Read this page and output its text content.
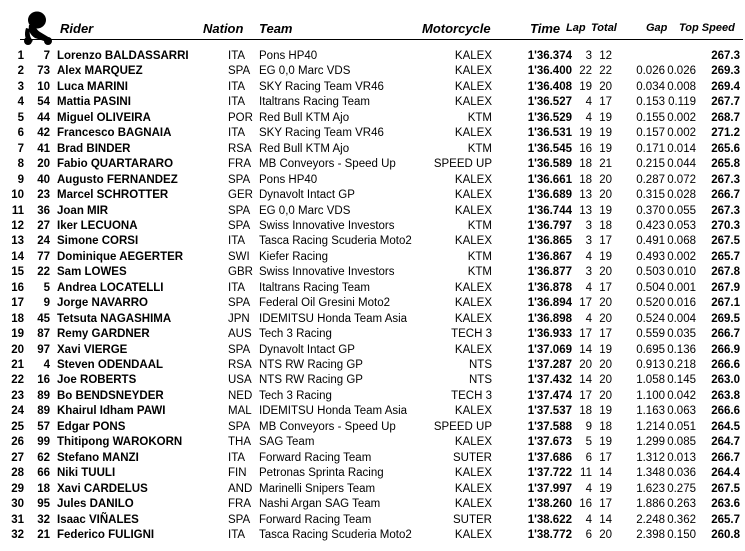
Rider	Nation Team	Motorcycle	Time Lap Total	Gap Top Speed
1	7 Lorenzo BALDASSARRI	ITA Pons HP40	KALEX	1'36.374	3 12	267.3
2	73 Alex MARQUEZ	SPA EG 0,0 Marc VDS	KALEX	1'36.400 22 22	0.026 0.026	269.3
3	10 Luca MARINI	ITA SKY Racing Team VR46	KALEX	1'36.408 19 20	0.034 0.008	269.4
4	54 Mattia PASINI	ITA Italtrans Racing Team	KALEX	1'36.527	4 17	0.153 0.119	267.7
5	44 Miguel OLIVEIRA	POR Red Bull KTM Ajo	KTM	1'36.529	4 19	0.155 0.002	268.7
6	42 Francesco BAGNAIA	ITA SKY Racing Team VR46	KALEX	1'36.531 19 19	0.157 0.002	271.2
7	41 Brad BINDER	RSA Red Bull KTM Ajo	KTM	1'36.545 16 19	0.171 0.014	265.6
8	20 Fabio QUARTARARO	FRA MB Conveyors - Speed Up	SPEED UP	1'36.589 18 21	0.215 0.044	265.8
9	40 Augusto FERNANDEZ	SPA Pons HP40	KALEX	1'36.661 18 20	0.287 0.072	267.3
10	23 Marcel SCHROTTER	GER Dynavolt Intact GP	KALEX	1'36.689 13 20	0.315 0.028	266.7
11	36 Joan MIR	SPA EG 0,0 Marc VDS	KALEX	1'36.744 13 19	0.370 0.055	267.3
12	27 Iker LECUONA	SPA Swiss Innovative Investors	KTM	1'36.797	3 18	0.423 0.053	270.3
13	24 Simone CORSI	ITA Tasca Racing Scuderia Moto2	KALEX	1'36.865	3 17	0.491 0.068	267.5
14	77 Dominique AEGERTER	SWI Kiefer Racing	KTM	1'36.867	4 19	0.493 0.002	265.7
15	22 Sam LOWES	GBR Swiss Innovative Investors	KTM	1'36.877	3 20	0.503 0.010	267.8
16	5 Andrea LOCATELLI	ITA Italtrans Racing Team	KALEX	1'36.878	4 17	0.504 0.001	267.9
17	9 Jorge NAVARRO	SPA Federal Oil Gresini Moto2	KALEX	1'36.894 17 20	0.520 0.016	267.1
18	45 Tetsuta NAGASHIMA	JPN IDEMITSU Honda Team Asia	KALEX	1'36.898	4 20	0.524 0.004	269.5
19	87 Remy GARDNER	AUS Tech 3 Racing	TECH 3	1'36.933 17 17	0.559 0.035	266.7
20	97 Xavi VIERGE	SPA Dynavolt Intact GP	KALEX	1'37.069 14 19	0.695 0.136	266.9
21	4 Steven ODENDAAL	RSA NTS RW Racing GP	NTS	1'37.287 20 20	0.913 0.218	266.6
22	16 Joe ROBERTS	USA NTS RW Racing GP	NTS	1'37.432 14 20	1.058 0.145	263.0
23	89 Bo BENDSNEYDER	NED Tech 3 Racing	TECH 3	1'37.474 17 20	1.100 0.042	263.8
24	89 Khairul Idham PAWI	MAL IDEMITSU Honda Team Asia	KALEX	1'37.537 18 19	1.163 0.063	266.6
25	57 Edgar PONS	SPA MB Conveyors - Speed Up	SPEED UP	1'37.588	9 18	1.214 0.051	264.5
26	99 Thitipong WAROKORN	THA SAG Team	KALEX	1'37.673	5 19	1.299 0.085	264.7
27	62 Stefano MANZI	ITA Forward Racing Team	SUTER	1'37.686	6 17	1.312 0.013	266.7
28	66 Niki TUULI	FIN Petronas Sprinta Racing	KALEX	1'37.722 11 14	1.348 0.036	264.4
29	18 Xavi CARDELUS	AND Marinelli Snipers Team	KALEX	1'37.997	4 19	1.623 0.275	267.5
30	95 Jules DANILO	FRA Nashi Argan SAG Team	KALEX	1'38.260 16 17	1.886 0.263	263.6
31	32 Isaac VIÑALES	SPA Forward Racing Team	SUTER	1'38.622	4 14	2.248 0.362	265.7
32	21 Federico FULIGNI	ITA Tasca Racing Scuderia Moto2	KALEX	1'38.772	6 20	2.398 0.150	260.8
